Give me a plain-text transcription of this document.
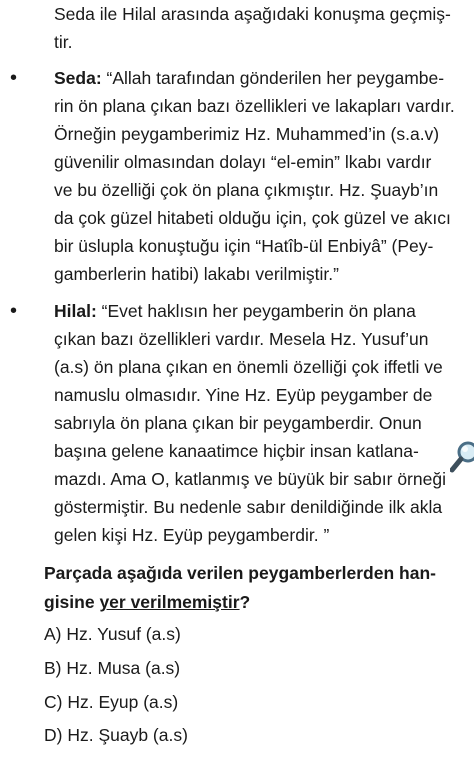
Seda ile Hilal arasında aşağıdaki konuşma geçmiş-
tir.
• Seda: “Allah tarafından gönderilen her peygambe-
rin ön plana çıkan bazı özellikleri ve lakapları vardır.
Örneğin peygamberimiz Hz. Muhammed’in (s.a.v)
güvenilir olmasından dolayı “el-emin” lkabı vardır
ve bu özelliği çok ön plana çıkmıştır. Hz. Şuayb’ın
da çok güzel hitabeti olduğu için, çok güzel ve akıcı
bir üslupla konuştuğu için “Hatîb-ül Enbiyâ” (Pey-
gamberlerin hatibi) lakabı verilmiştir.”
• Hilal: “Evet haklısın her peygamberin ön plana
çıkan bazı özellikleri vardır. Mesela Hz. Yusuf’un
(a.s) ön plana çıkan en önemli özelliği çok iffetli ve
namuslu olmasıdır. Yine Hz. Eyüp peygamber de
sabrıyla ön plana çıkan bir peygamberdir. Onun
başına gelene kanaatimce hiçbir insan katlana-
mazdı. Ama O, katlanmış ve büyük bir sabır örneği
göstermiştir. Bu nedenle sabır denildiğinde ilk akla
gelen kişi Hz. Eyüp peygamberdir. ”
Parçada aşağıda verilen peygamberlerden han-
gisine yer verilmemiştir?
A) Hz. Yusuf (a.s)
B) Hz. Musa (a.s)
C) Hz. Eyup (a.s)
D) Hz. Şuayb (a.s)
